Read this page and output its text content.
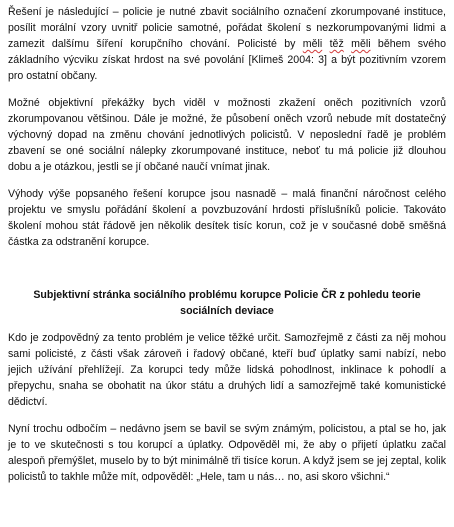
Řešení je následující – policie je nutné zbavit sociálního označení zkorumpované instituce, posílit morální vzory uvnitř policie samotné, pořádat školení s nezkorumpovanými lidmi a zamezit dalšímu šíření korupčního chování. Policisté by měli těž měli během svého základního výcviku získat hrdost na své povolání [Klimeš 2004: 3] a být pozitivním vzorem pro ostatní občany.

Možné objektivní překážky bych viděl v možnosti zkažení oněch pozitivních vzorů zkorumpovanou většinou. Dále je možné, že působení oněch vzorů nebude mít dostatečný výchovný dopad na změnu chování jednotlivých policistů. V neposlední řadě je problém zbavení se oné sociální nálepky zkorumpované instituce, neboť tu má policie již dlouhou dobu a je otázkou, jestli se jí občané naučí vnímat jinak.

Výhody výše popsaného řešení korupce jsou nasnadě – malá finanční náročnost celého projektu ve smyslu pořádání školení a povzbuzování hrdosti příslušníků policie. Takováto školení mohou stát řádově jen několik desítek tisíc korun, což je v současné době směšná částka za odstranění korupce.

Subjektivní stránka sociálního problému korupce Policie ČR z pohledu teorie sociálních deviace

Kdo je zodpovědný za tento problém je velice těžké určit. Samozřejmě z části za něj mohou sami policisté, z části však zároveň i řadový občané, kteří buď úplatky sami nabízí, nebo jejich užívání přehlížejí. Za korupci tedy může lidská pohodlnost, inklinace k pohodlí a přepychu, snaha se obohatit na úkor státu a druhých lidí a samozřejmě také komunistické dědictví.

Nyní trochu odbočím – nedávno jsem se bavil se svým známým, policistou, a ptal se ho, jak je to ve skutečnosti s tou korupcí a úplatky. Odpověděl mi, že aby o přijetí úplatku začal alespoň přemýšlet, muselo by to být minimálně tři tisíce korun. A když jsem se jej zeptal, kolik policistů to takhle může mít, odpověděl: „Hele, tam u nás… no, asi skoro všichni.“
